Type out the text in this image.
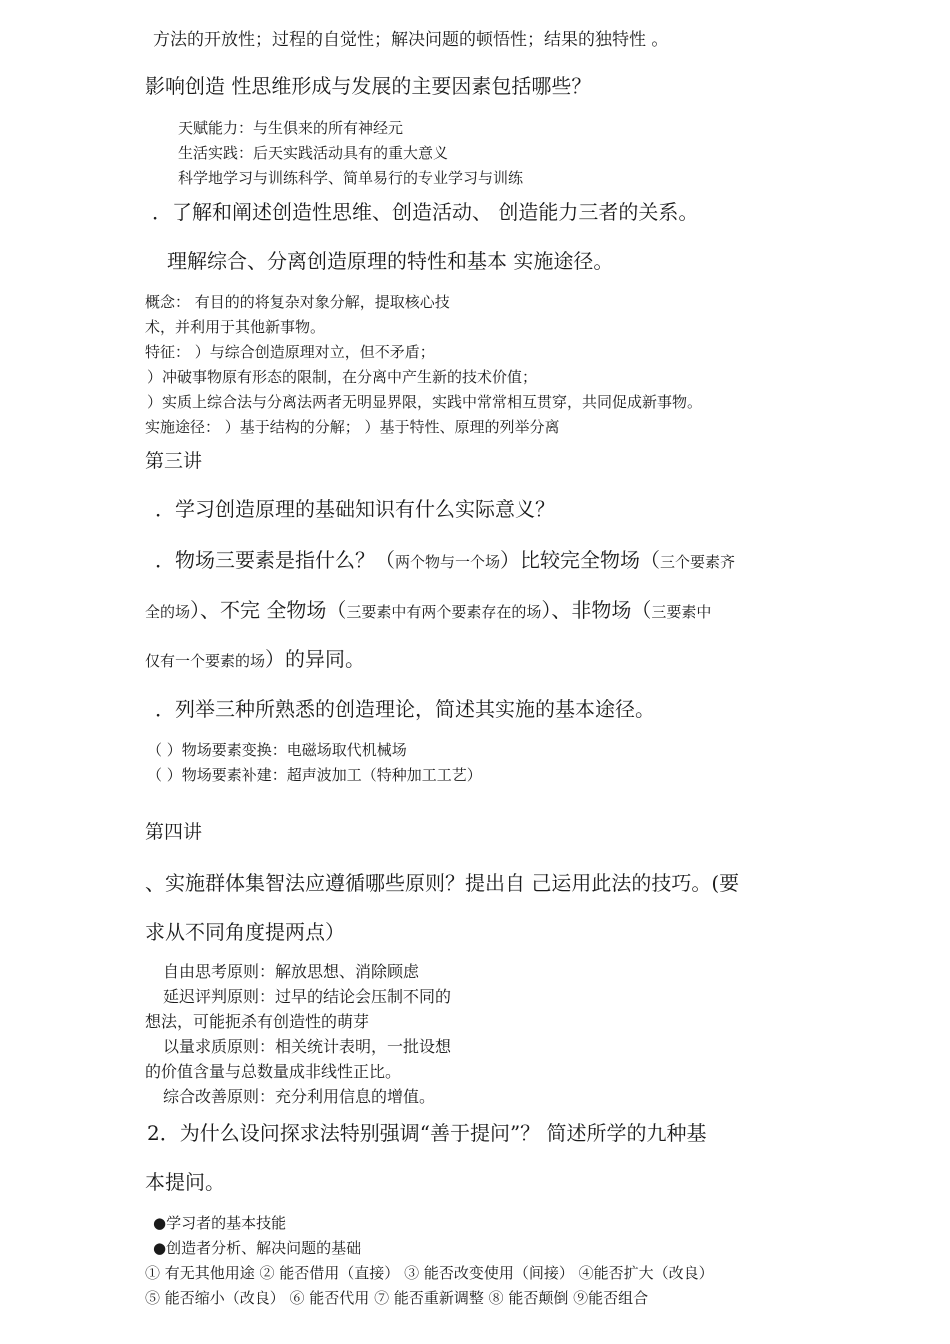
方法的开放性；过程的自觉性；解决问题的顿悟性；结果的独特性 。
影响创造 性思维形成与发展的主要因素包括哪些？
天赋能力：与生俱来的所有神经元
生活实践：后天实践活动具有的重大意义
科学地学习与训练科学、简单易行的专业学习与训练
．了解和阐述创造性思维、创造活动、 创造能力三者的关系。
理解综合、分离创造原理的特性和基本 实施途径。
概念： 有目的的将复杂对象分解，提取核心技
术，并利用于其他新事物。
特征： ）与综合创造原理对立，但不矛盾；
）冲破事物原有形态的限制，在分离中产生新的技术价值；
）实质上综合法与分离法两者无明显界限，实践中常常相互贯穿，共同促成新事物。
实施途径： ）基于结构的分解； ）基于特性、原理的列举分离
第三讲
．学习创造原理的基础知识有什么实际意义？
．物场三要素是指什么？（两个物与一个场）比较完全物场（三个要素齐
全的场）、不完 全物场（三要素中有两个要素存在的场）、非物场（三要素中
仅有一个要素的场）的异同。
．列举三种所熟悉的创造理论，简述其实施的基本途径。
（ ）物场要素变换：电磁场取代机械场
（ ）物场要素补建：超声波加工（特种加工工艺）
第四讲
、实施群体集智法应遵循哪些原则？提出自 己运用此法的技巧。(要
求从不同角度提两点）
自由思考原则：解放思想、消除顾虑
延迟评判原则：过早的结论会压制不同的
想法，可能扼杀有创造性的萌芽
以量求质原则：相关统计表明，一批设想
的价值含量与总数量成非线性正比。
综合改善原则：充分利用信息的增值。
2．为什么设问探求法特别强调“善于提问”？ 简述所学的九种基
本提问。
●学习者的基本技能
●创造者分析、解决问题的基础
① 有无其他用途 ② 能否借用（直接） ③ 能否改变使用（间接） ④能否扩大（改良）
⑤ 能否缩小（改良） ⑥ 能否代用 ⑦ 能否重新调整 ⑧ 能否颠倒 ⑨能否组合
